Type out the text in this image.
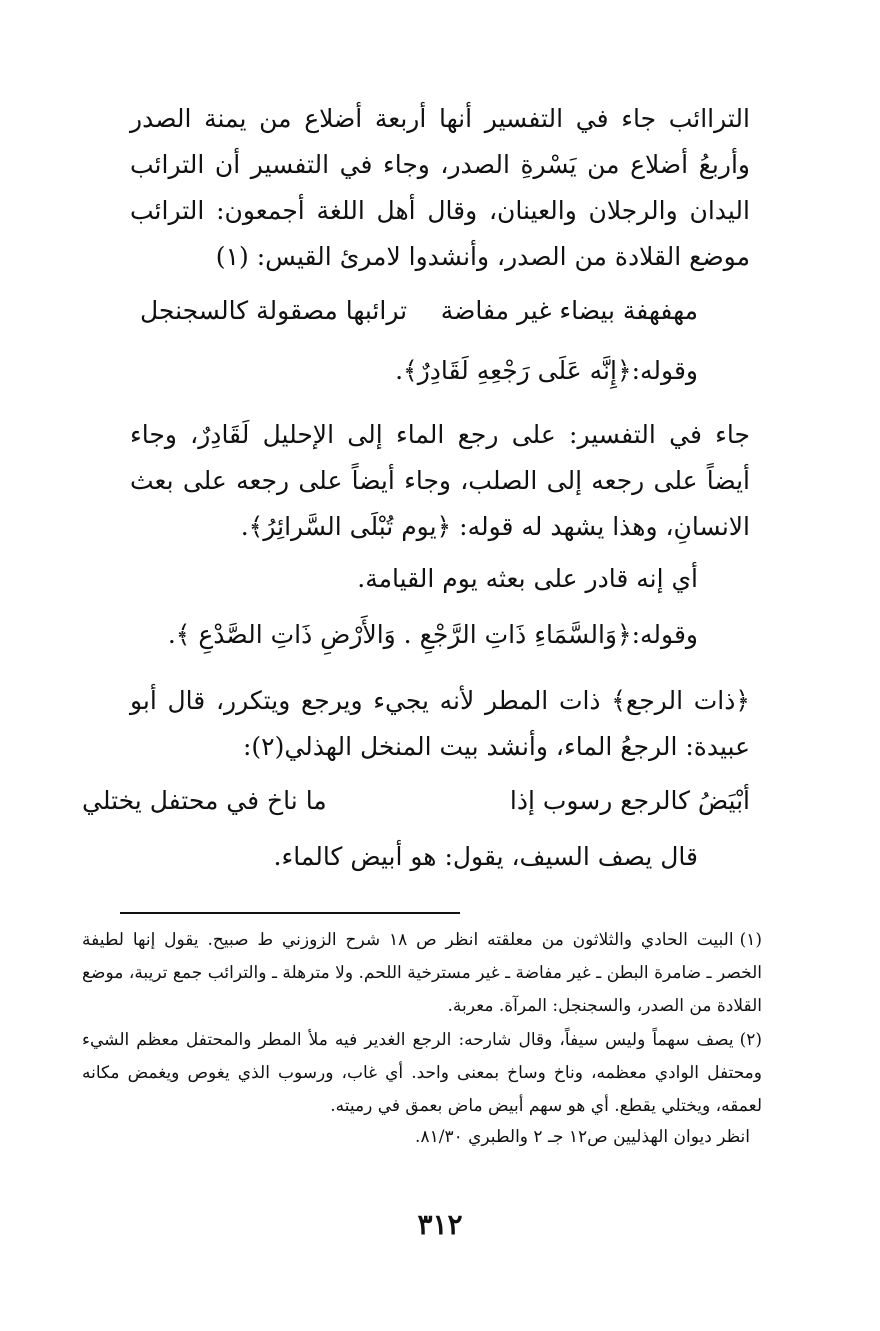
التراائب جاء في التفسير أنها أربعة أضلاع من يمنة الصدر وأربعُ أضلاع من يَسْرةِ الصدر، وجاء في التفسير أن الترائب اليدان والرجلان والعينان، وقال أهل اللغة أجمعون: الترائب موضع القلادة من الصدر، وأنشدوا لامرئ القيس: (١)
مهفهفة بيضاء غير مفاضة
ترائبها مصقولة كالسجنجل
وقوله:﴿إِنَّه عَلَى رَجْعِهِ لَقَادِرٌ﴾.
جاء في التفسير: على رجع الماء إلى الإحليل لَقَادِرٌ، وجاء أيضاً على رجعه إلى الصلب، وجاء أيضاً على رجعه على بعث الانسانِ، وهذا يشهد له قوله: ﴿يوم تُبْلَى السَّرائِرُ﴾.
أي إنه قادر على بعثه يوم القيامة.
وقوله:﴿وَالسَّمَاءِ ذَاتِ الرَّجْعِ . وَالأَرْضِ ذَاتِ الصَّدْعِ ﴾.
﴿ذات الرجع﴾ ذات المطر لأنه يجيء ويرجع ويتكرر، قال أبو عبيدة: الرجعُ الماء، وأنشد بيت المنخل الهذلي(٢):
أبْيَضُ كالرجع رسوب إذا
ما ناخ في محتفل يختلي
قال يصف السيف، يقول: هو أبيض كالماء.
(١)البيت الحادي والثلاثون من معلقته انظر ص ١٨ شرح الزوزني ط صبيح. يقول إنها لطيفة الخصر ـ ضامرة البطن ـ غير مفاضة ـ غير مسترخية اللحم. ولا مترهلة ـ والترائب جمع تريبة، موضع القلادة من الصدر، والسجنجل: المرآة. معربة.
(٢)يصف سهماً وليس سيفاً، وقال شارحه: الرجع الغدير فيه ملأ المطر والمحتفل معظم الشيء ومحتفل الوادي معظمه، وناخ وساخ بمعنى واحد. أي غاب، ورسوب الذي يغوص ويغمض مكانه لعمقه، ويختلي يقطع. أي هو سهم أبيض ماض بعمق في رميته.
انظر ديوان الهذليين ص١٢ جـ ٢ والطبري ٨١/٣٠.
٣١٢
